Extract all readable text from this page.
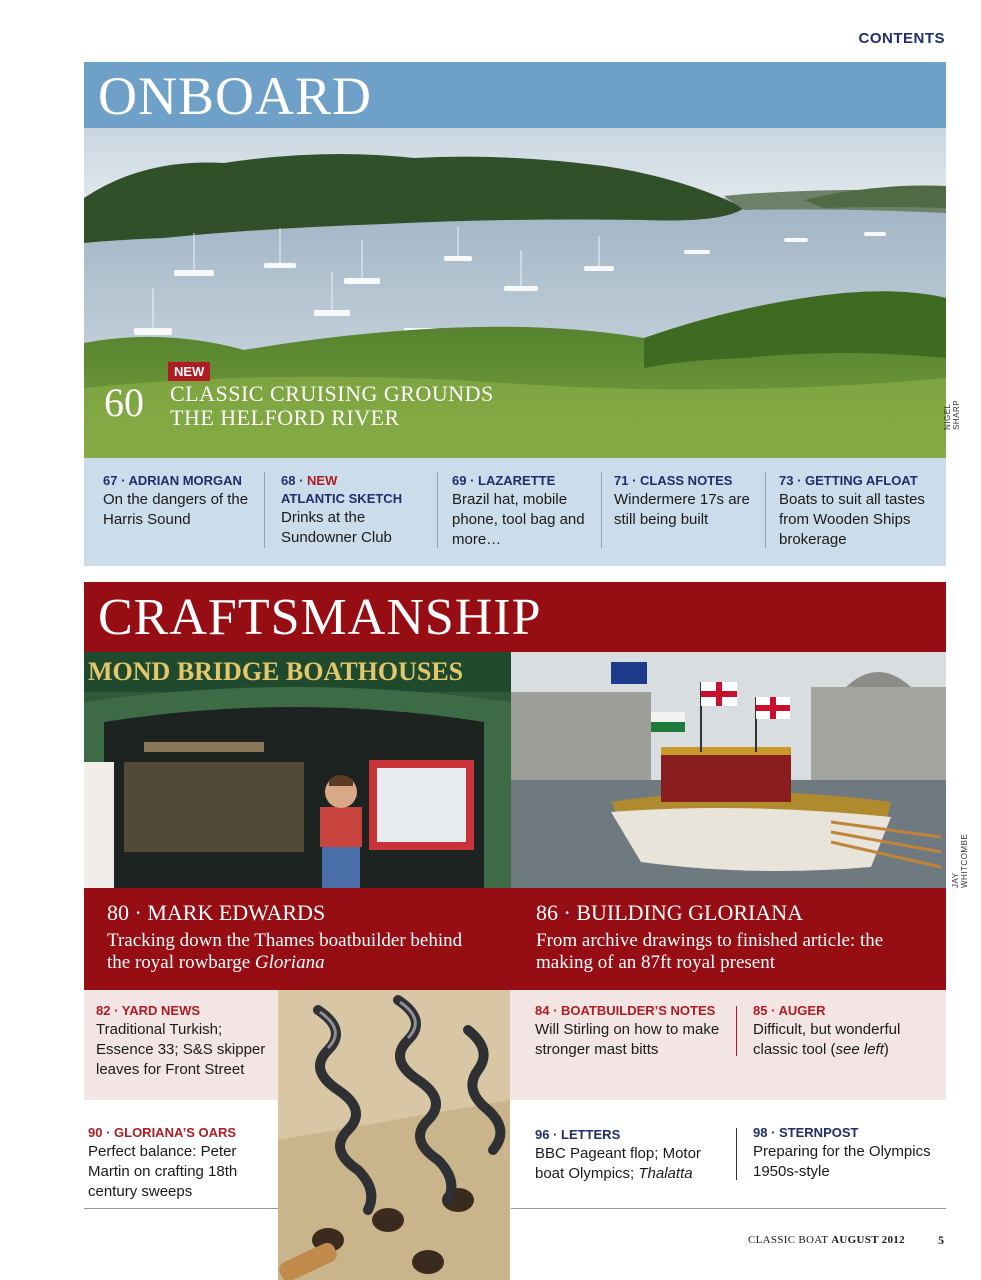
CONTENTS
ONBOARD
NEW
60 CLASSIC CRUISING GROUNDS
THE HELFORD RIVER	NIGEL SHARP
67 · ADRIAN MORGAN
On the dangers of the Harris Sound
68 · NEW
ATLANTIC SKETCH
Drinks at the Sundowner Club
69 · LAZARETTE
Brazil hat, mobile phone, tool bag and more…
71 · CLASS NOTES
Windermere 17s are still being built
73 · GETTING AFLOAT
Boats to suit all tastes from Wooden Ships brokerage
CRAFTSMANSHIP
MOND BRIDGE BOATHOUSES
JAY WHITCOMBE
80 · MARK EDWARDS
Tracking down the Thames boatbuilder behind the royal rowbarge Gloriana
86 · BUILDING GLORIANA
From archive drawings to finished article: the making of an 87ft royal present
82 · YARD NEWS
Traditional Turkish; Essence 33; S&S skipper leaves for Front Street
84 · BOATBUILDER’S NOTES
Will Stirling on how to make stronger mast bitts
85 · AUGER
Difficult, but wonderful classic tool (see left)
90 · GLORIANA’S OARS
Perfect balance: Peter Martin on crafting 18th century sweeps
96 · LETTERS
BBC Pageant flop; Motor boat Olympics; Thalatta
98 · STERNPOST
Preparing for the Olympics 1950s-style
CLASSIC BOAT AUGUST 2012	5
